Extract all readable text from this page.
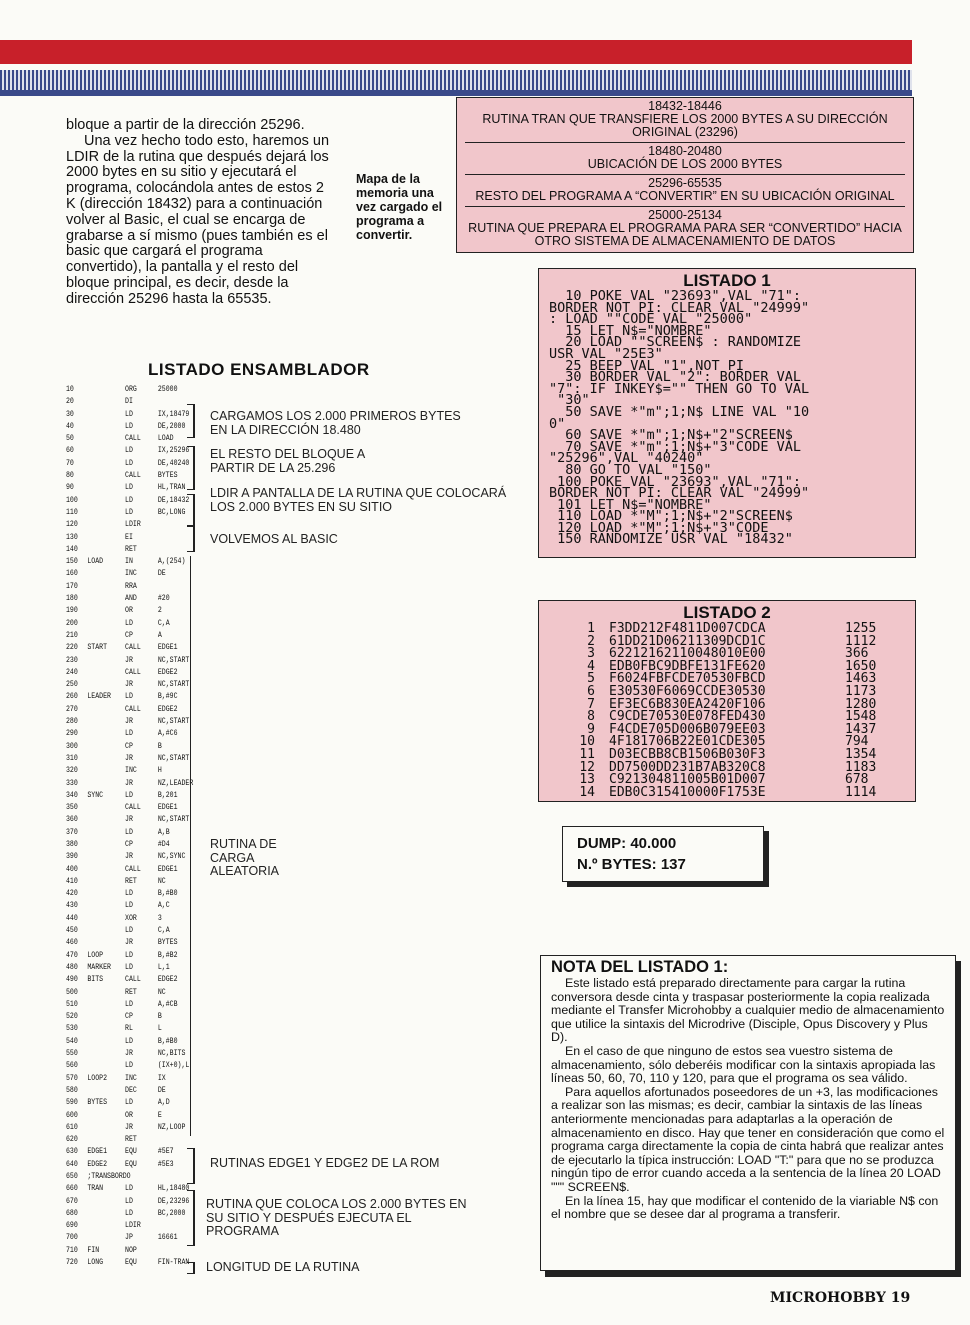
bloque a partir de la dirección 25296.

Una vez hecho todo esto, haremos un LDIR de la rutina que después dejará los 2000 bytes en su sitio y ejecutará el programa, colocándola antes de estos 2 K (dirección 18432) para a continuación volver al Basic, el cual se encarga de grabarse a sí mismo (pues también es el basic que cargará el programa convertido), la pantalla y el resto del bloque principal, es decir, desde la dirección 25296 hasta la 65535.

Mapa de la memoria una vez cargado el programa a convertir.
18432-18446
RUTINA TRAN QUE TRANSFIERE LOS 2000 BYTES A SU DIRECCIÓN ORIGINAL (23296)
18480-20480
UBICACIÓN DE LOS 2000 BYTES
25296-65535
RESTO DEL PROGRAMA A “CONVERTIR” EN SU UBICACIÓN ORIGINAL
25000-25134
RUTINA QUE PREPARA EL PROGRAMA PARA SER “CONVERTIDO” HACIA OTRO SISTEMA DE ALMACENAMIENTO DE DATOS
LISTADO ENSAMBLADOR
10	ORG	25000
20	DI
30	LD	IX,18479
40	LD	DE,2000
50	CALL LOAD
60	LD	IX,25296
70	LD	DE,40240
80	CALL BYTES
90	LD	HL,TRAN
100	LD	DE,18432
110	LD	BC,LONG
120	LDIR
130	EI
140	RET
150 LOAD	IN	A,(254)
160	INC	DE
170	RRA
180	AND	#20
190	OR	2
200	LD	C,A
210	CP	A
220 START CALL EDGE1
230	JR	NC,START
240	CALL EDGE2
250	JR	NC,START
260 LEADER LD	B,#9C
270	CALL EDGE2
280	JR	NC,START
290	LD	A,#C6
300	CP	B
310	JR	NC,START
320	INC	H
330	JR	NZ,LEADER
340 SYNC	LD	B,201
350	CALL EDGE1
360	JR	NC,START
370	LD	A,B
380	CP	#D4
390	JR	NC,SYNC
400	CALL EDGE1
410	RET	NC
420	LD	B,#B0
430	LD	A,C
440	XOR	3
450	LD	C,A
460	JR	BYTES
470 LOOP	LD	B,#B2
480 MARKER LD	L,1
490 BITS	CALL EDGE2
500	RET	NC
510	LD	A,#CB
520	CP	B
530	RL	L
540	LD	B,#B0
550	JR	NC,BITS
560	LD	(IX+0),L
570 LOOP2 INC	IX
580	DEC	DE
590 BYTES LD	A,D
600	OR	E
610	JR	NZ,LOOP
620	RET
630 EDGE1 EQU	#5E7
640 EDGE2 EQU	#5E3
650 ;TRANSBORDO
660 TRAN	LD	HL,18480
670	LD	DE,23296
680	LD	BC,2000
690	LDIR
700	JP	16661
710 FIN	NOP
720 LONG	EQU	FIN-TRAN
CARGAMOS LOS 2.000 PRIMEROS BYTES EN LA DIRECCIÓN 18.480
EL RESTO DEL BLOQUE A PARTIR DE LA 25.296
LDIR A PANTALLA DE LA RUTINA QUE COLOCARÁ LOS 2.000 BYTES EN SU SITIO
VOLVEMOS AL BASIC
RUTINA DE CARGA ALEATORIA
RUTINAS EDGE1 Y EDGE2 DE LA ROM
RUTINA QUE COLOCA LOS 2.000 BYTES EN SU SITIO Y DESPUÉS EJECUTA EL PROGRAMA
LONGITUD DE LA RUTINA
LISTADO 1
10 POKE VAL "23693",VAL "71":
BORDER NOT PI: CLEAR VAL "24999"
: LOAD ""CODE VAL "25000"
15 LET N$="NOMBRE"
20 LOAD ""SCREEN$ : RANDOMIZE
USR VAL "25E3"
25 BEEP VAL "1",NOT PI
30 BORDER VAL "2": BORDER VAL
"7": IF INKEY$="" THEN GO TO VAL
"30"
50 SAVE *"m";1;N$ LINE VAL "10
0"
60 SAVE *"m";1;N$+"2"SCREEN$
70 SAVE *"m";1;N$+"3"CODE VAL
"25296",VAL "40240"
80 GO TO VAL "150"
100 POKE VAL "23693",VAL "71":
BORDER NOT PI: CLEAR VAL "24999"
101 LET N$="NOMBRE"
110 LOAD *"M";1;N$+"2"SCREEN$
120 LOAD *"M";1;N$+"3"CODE
150 RANDOMIZE USR VAL "18432"
LISTADO 2
1	F3DD212F4811D007CDCA	1255
2	61DD21D06211309DCD1C	1112
3	62212162110048010E00	366
4	EDB0FBC9DBFE131FE620	1650
5	F6024FBFCDE70530FBCD	1463
6	E30530F6069CCDE30530	1173
7	EF3EC6B830EA2420F106	1280
8	C9CDE70530E078FED430	1548
9	F4CDE705D006B079EE03	1437
10	4F181706B22E01CDE305	794
11	D03ECBB8CB1506B030F3	1354
12	DD7500DD231B7AB320C8	1183
13	C921304811005B01D007	678
14	EDB0C315410000F1753E	1114
DUMP: 40.000
N.º BYTES: 137
NOTA DEL LISTADO 1:

Este listado está preparado directamente para cargar la rutina conversora desde cinta y traspasar posteriormente la copia realizada mediante el Transfer Microhobby a cualquier medio de almacenamiento que utilice la sintaxis del Microdrive (Disciple, Opus Discovery y Plus D).

En el caso de que ninguno de estos sea vuestro sistema de almacenamiento, sólo deberéis modificar con la sintaxis apropiada las líneas 50, 60, 70, 110 y 120, para que el programa os sea válido.

Para aquellos afortunados poseedores de un +3, las modificaciones a realizar son las mismas; es decir, cambiar la sintaxis de las líneas anteriormente mencionadas para adaptarlas a la operación de almacenamiento en disco. Hay que tener en consideración que como el programa carga directamente la copia de cinta habrá que realizar antes de ejecutarlo la típica instrucción: LOAD "T:" para que no se produzca ningún tipo de error cuando acceda a la sentencia de la línea 20 LOAD """ SCREEN$.

En la línea 15, hay que modificar el contenido de la viariable N$ con el nombre que se desee dar al programa a transferir.

MICROHOBBY 19
